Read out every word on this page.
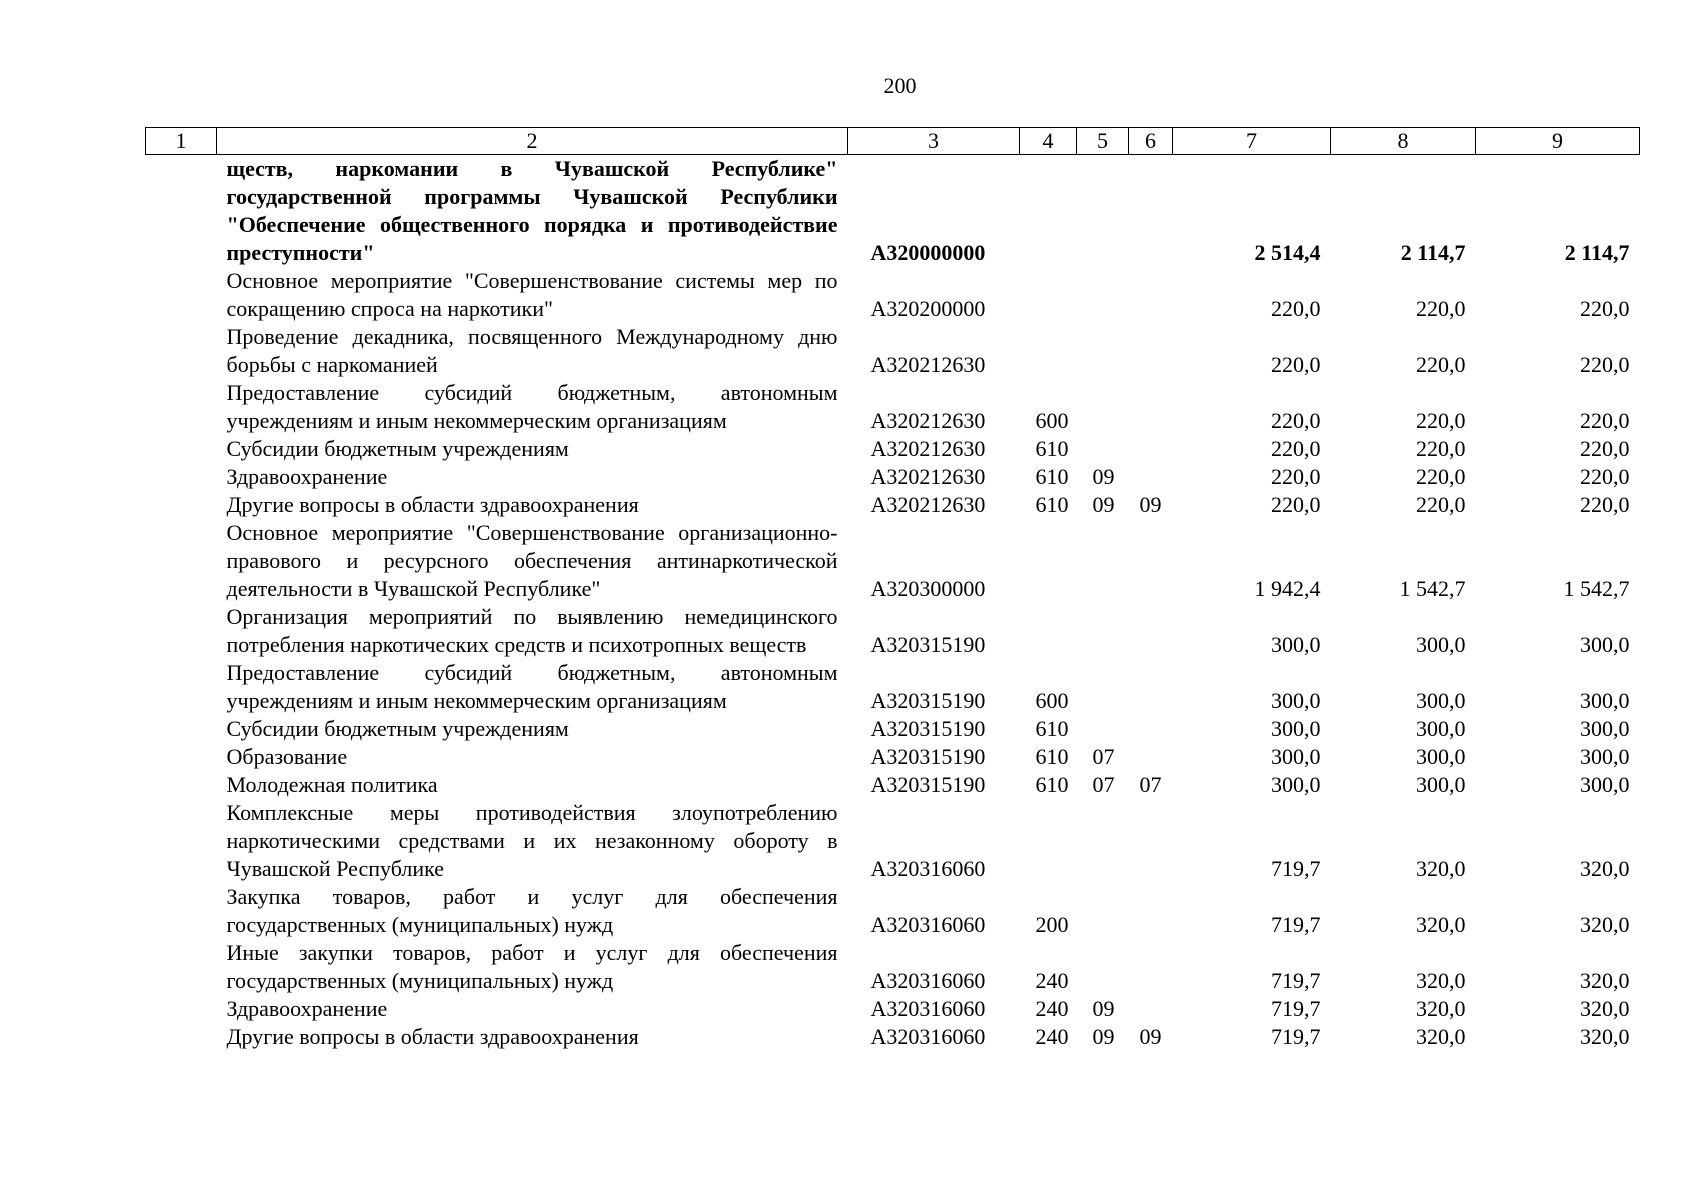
200
1	2	3	4	5	6	7	8	9
	ществ, наркомании в Чувашской Республике" государственной программы Чувашской Республики "Обеспечение общественного порядка и противодействие преступности"	А320000000				2 514,4	2 114,7	2 114,7
	Основное мероприятие "Совершенствование системы мер по сокращению спроса на наркотики"	А320200000				220,0	220,0	220,0
	Проведение декадника, посвященного Международному дню борьбы с наркоманией	А320212630				220,0	220,0	220,0
	Предоставление субсидий бюджетным, автономным учреждениям и иным некоммерческим организациям	А320212630	600			220,0	220,0	220,0
	Субсидии бюджетным учреждениям	А320212630	610			220,0	220,0	220,0
	Здравоохранение	А320212630	610	09		220,0	220,0	220,0
	Другие вопросы в области здравоохранения	А320212630	610	09	09	220,0	220,0	220,0
	Основное мероприятие "Совершенствование организационно-правового и ресурсного обеспечения антинаркотической деятельности в Чувашской Республике"	А320300000				1 942,4	1 542,7	1 542,7
	Организация мероприятий по выявлению немедицинского потребления наркотических средств и психотропных веществ	А320315190				300,0	300,0	300,0
	Предоставление субсидий бюджетным, автономным учреждениям и иным некоммерческим организациям	А320315190	600			300,0	300,0	300,0
	Субсидии бюджетным учреждениям	А320315190	610			300,0	300,0	300,0
	Образование	А320315190	610	07		300,0	300,0	300,0
	Молодежная политика	А320315190	610	07	07	300,0	300,0	300,0
	Комплексные меры противодействия злоупотреблению наркотическими средствами и их незаконному обороту в Чувашской Республике	А320316060				719,7	320,0	320,0
	Закупка товаров, работ и услуг для обеспечения государственных (муниципальных) нужд	А320316060	200			719,7	320,0	320,0
	Иные закупки товаров, работ и услуг для обеспечения государственных (муниципальных) нужд	А320316060	240			719,7	320,0	320,0
	Здравоохранение	А320316060	240	09		719,7	320,0	320,0
	Другие вопросы в области здравоохранения	А320316060	240	09	09	719,7	320,0	320,0
